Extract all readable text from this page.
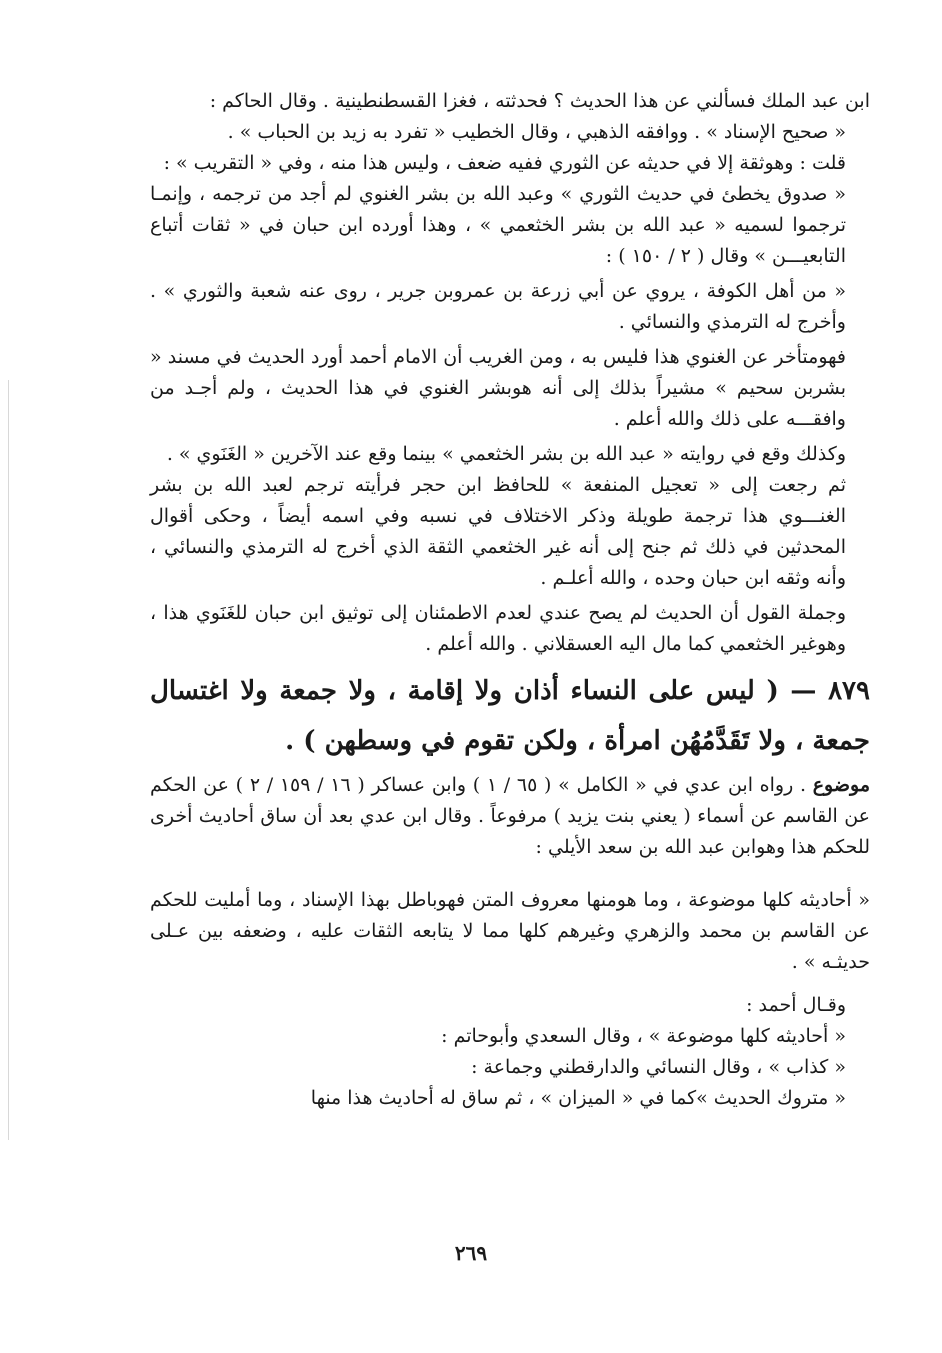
ابن عبد الملك فسألني عن هذا الحديث ؟ فحدثته ، فغزا القسطنطينية . وقال الحاكم :

« صحيح الإسناد » . ووافقه الذهبي ، وقال الخطيب « تفرد به زيد بن الحباب » .

قلت : وهوثقة إلا في حديثه عن الثوري ففيه ضعف ، وليس هذا منه ، وفي « التقريب » :

« صدوق يخطئ في حديث الثوري » وعبد الله بن بشر الغنوي لم أجد من ترجمه ، وإنمـا ترجموا لسميه « عبد الله بن بشر الخثعمي » ، وهذا أورده ابن حبان في « ثقات أتباع التابعيـــن » وقال ( ٢ / ١٥٠ ) :

« من أهل الكوفة ، يروي عن أبي زرعة بن عمروبن جرير ، روى عنه شعبة والثوري » . وأخرج له الترمذي والنسائي .

فهومتأخر عن الغنوي هذا فليس به ، ومن الغريب أن الامام أحمد أورد الحديث في مسند « بشربن سحيم » مشيراً بذلك إلى أنه هوبشر الغنوي في هذا الحديث ، ولم أجـد من وافقـــه على ذلك والله أعلم .

وكذلك وقع في روايته « عبد الله بن بشر الخثعمي » بينما وقع عند الآخرين « الغَنَوي » .

ثم رجعت إلى « تعجيل المنفعة » للحافظ ابن حجر فرأيته ترجم لعبد الله بن بشر الغنـــوي هذا ترجمة طويلة وذكر الاختلاف في نسبه وفي اسمه أيضاً ، وحكى أقوال المحدثين في ذلك ثم جنح إلى أنه غير الخثعمي الثقة الذي أخرج له الترمذي والنسائي ، وأنه وثقه ابن حبان وحده ، والله أعلـم .

وجملة القول أن الحديث لم يصح عندي لعدم الاطمئنان إلى توثيق ابن حبان للغَنَوي هذا ، وهوغير الخثعمي كما مال اليه العسقلاني . والله أعلم .

٨٧٩ — ( ليس على النساء أذان ولا إقامة ، ولا جمعة ولا اغتسال جمعة ، ولا تَقَدَّمُهُن امرأة ، ولكن تقوم في وسطهن ) .

موضوع . رواه ابن عدي في « الكامل » ( ٦٥ / ١ ) وابن عساكر ( ١٦ / ١٥٩ / ٢ ) عن الحكم عن القاسم عن أسماء ( يعني بنت يزيد ) مرفوعاً . وقال ابن عدي بعد أن ساق أحاديث أخرى للحكم هذا وهوابن عبد الله بن سعد الأيلي :

« أحاديثه كلها موضوعة ، وما هومنها معروف المتن فهوباطل بهذا الإسناد ، وما أمليت للحكم عن القاسم بن محمد والزهري وغيرهم كلها مما لا يتابعه الثقات عليه ، وضعفه بين عـلى حديثـه » .

وقـال أحمد :

« أحاديثه كلها موضوعة » ، وقال السعدي وأبوحاتم :

« كذاب » ، وقال النسائي والدارقطني وجماعة :

« متروك الحديث »كما في « الميزان » ، ثم ساق له أحاديث هذا منها

٢٦٩
